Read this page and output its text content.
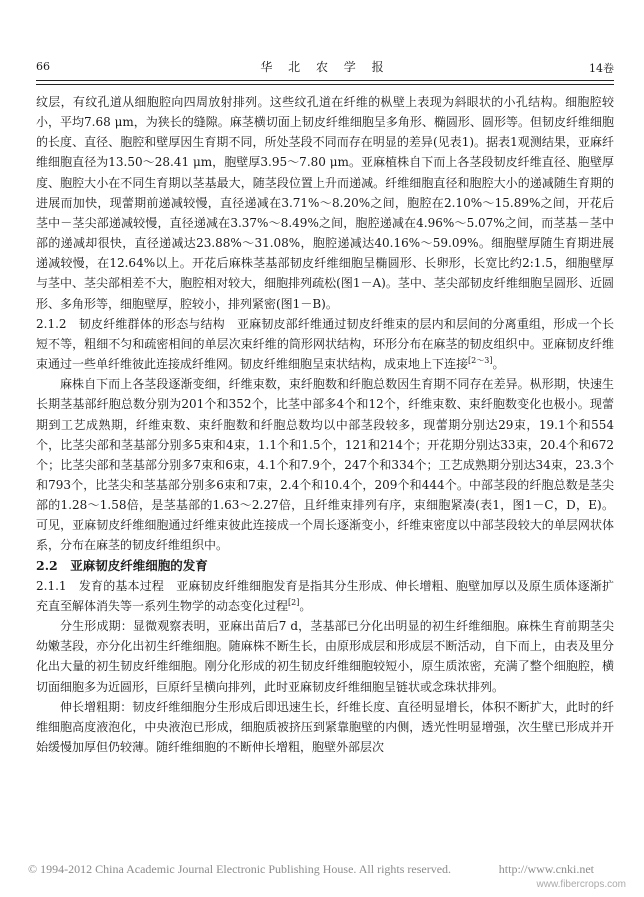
66	华 北 农 学 报	14卷

纹层，有纹孔道从细胞腔向四周放射排列。这些纹孔道在纤维的枞壁上表现为斜眼状的小孔结构。细胞腔较小，平均7.68 μm，为狭长的缝隙。麻茎横切面上韧皮纤维细胞呈多角形、椭圆形、圆形等。但韧皮纤维细胞的长度、直径、胞腔和壁厚因生育期不同，所处茎段不同而存在明显的差异(见表1)。据表1观测结果，亚麻纤维细胞直径为13.50～28.41 μm，胞壁厚3.95～7.80 μm。亚麻植株自下而上各茎段韧皮纤维直径、胞壁厚度、胞腔大小在不同生育期以茎基最大，随茎段位置上升而递减。纤维细胞直径和胞腔大小的递减随生育期的进展而加快，现蕾期前递减较慢，直径递减在3.71%～8.20%之间，胞腔在2.10%～15.89%之间，开花后茎中－茎尖部递减较慢，直径递减在3.37%～8.49%之间，胞腔递减在4.96%～5.07%之间，而茎基－茎中部的递减却很快，直径递减达23.88%～31.08%，胞腔递减达40.16%～59.09%。细胞壁厚随生育期进展递减较慢，在12.64%以上。开花后麻株茎基部韧皮纤维细胞呈椭圆形、长卵形，长宽比约2:1.5，细胞壁厚与茎中、茎尖部相差不大，胞腔相对较大，细胞排列疏松(图1－A)。茎中、茎尖部韧皮纤维细胞呈圆形、近圆形、多角形等，细胞壁厚，腔较小，排列紧密(图1－B)。

2.1.2　韧皮纤维群体的形态与结构　亚麻韧皮部纤维通过韧皮纤维束的层内和层间的分离重组，形成一个长短不等，粗细不匀和疏密相间的单层次束纤维的筒形网状结构，环形分布在麻茎的韧皮组织中。亚麻韧皮纤维束通过一些单纤维彼此连接成纤维网。韧皮纤维细胞呈束状结构，成束地上下连接[2～3]。

麻株自下而上各茎段逐渐变细，纤维束数，束纤胞数和纤胞总数因生育期不同存在差异。枞形期，快速生长期茎基部纤胞总数分别为201个和352个，比茎中部多4个和12个，纤维束数、束纤胞数变化也极小。现蕾期到工艺成熟期，纤维束数、束纤胞数和纤胞总数均以中部茎段较多，现蕾期分别达29束，19.1个和554个，比茎尖部和茎基部分别多5束和4束，1.1个和1.5个，121和214个；开花期分别达33束，20.4个和672个；比茎尖部和茎基部分别多7束和6束，4.1个和7.9个，247个和334个；工艺成熟期分别达34束，23.3个和793个，比茎尖和茎基部分别多6束和7束，2.4个和10.4个，209个和444个。中部茎段的纤胞总数是茎尖部的1.28～1.58倍，是茎基部的1.63～2.27倍，且纤维束排列有序，束细胞紧凑(表1，图1－C，D，E)。可见，亚麻韧皮纤维细胞通过纤维束彼此连接成一个周长逐渐变小，纤维束密度以中部茎段较大的单层网状体系，分布在麻茎的韧皮纤维组织中。

2.2　亚麻韧皮纤维细胞的发育

2.1.1　发育的基本过程　亚麻韧皮纤维细胞发育是指其分生形成、伸长增粗、胞壁加厚以及原生质体逐渐扩充直至解体消失等一系列生物学的动态变化过程[2]。

分生形成期：显微观察表明，亚麻出苗后7 d，茎基部已分化出明显的初生纤维细胞。麻株生育前期茎尖幼嫩茎段，亦分化出初生纤维细胞。随麻株不断生长，由原形成层和形成层不断活动，自下而上，由表及里分化出大量的初生韧皮纤维细胞。刚分化形成的初生韧皮纤维细胞较短小，原生质浓密，充满了整个细胞腔，横切面细胞多为近圆形，巨原纤呈横向排列，此时亚麻韧皮纤维细胞呈链状或念珠状排列。

伸长增粗期：韧皮纤维细胞分生形成后即迅速生长，纤维长度、直径明显增长，体积不断扩大，此时的纤维细胞高度液泡化，中央液泡已形成，细胞质被挤压到紧靠胞壁的内侧，透光性明显增强，次生壁已形成并开始缓慢加厚但仍较薄。随纤维细胞的不断伸长增粗，胞壁外部层次

© 1994-2012 China Academic Journal Electronic Publishing House. All rights reserved.	http://www.cnki.net
www.fibercrops.com
